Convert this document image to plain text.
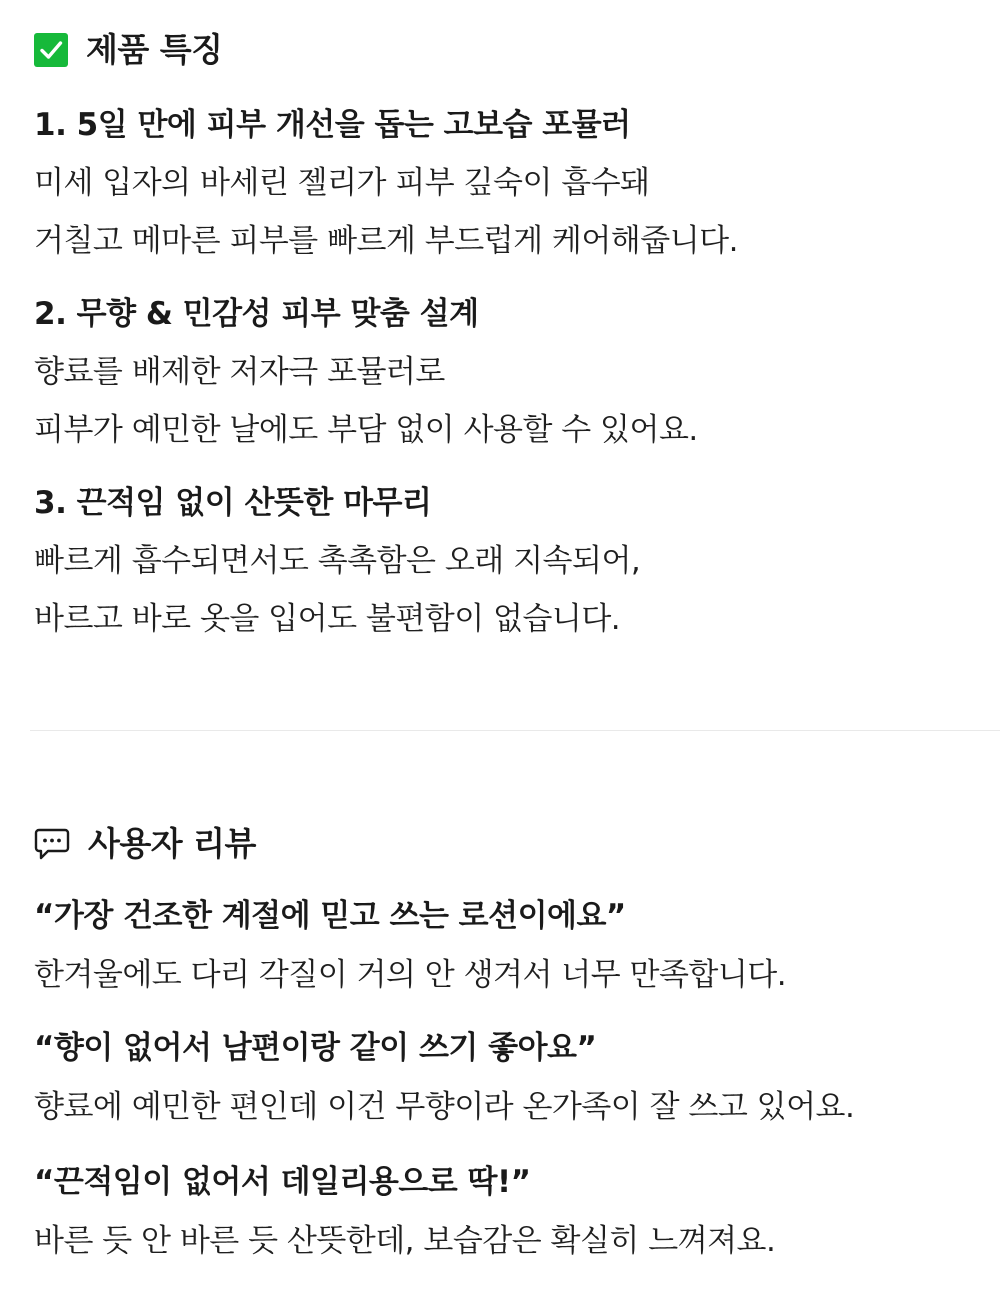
제품 특징
1. 5일 만에 피부 개선을 돕는 고보습 포뮬러
미세 입자의 바세린 젤리가 피부 깊숙이 흡수돼
거칠고 메마른 피부를 빠르게 부드럽게 케어해줍니다.
2. 무향 & 민감성 피부 맞춤 설계
향료를 배제한 저자극 포뮬러로
피부가 예민한 날에도 부담 없이 사용할 수 있어요.
3. 끈적임 없이 산뜻한 마무리
빠르게 흡수되면서도 촉촉함은 오래 지속되어,
바르고 바로 옷을 입어도 불편함이 없습니다.
사용자 리뷰
“가장 건조한 계절에 믿고 쓰는 로션이에요”
한겨울에도 다리 각질이 거의 안 생겨서 너무 만족합니다.
“향이 없어서 남편이랑 같이 쓰기 좋아요”
향료에 예민한 편인데 이건 무향이라 온가족이 잘 쓰고 있어요.
“끈적임이 없어서 데일리용으로 딱!”
바른 듯 안 바른 듯 산뜻한데, 보습감은 확실히 느껴져요.
